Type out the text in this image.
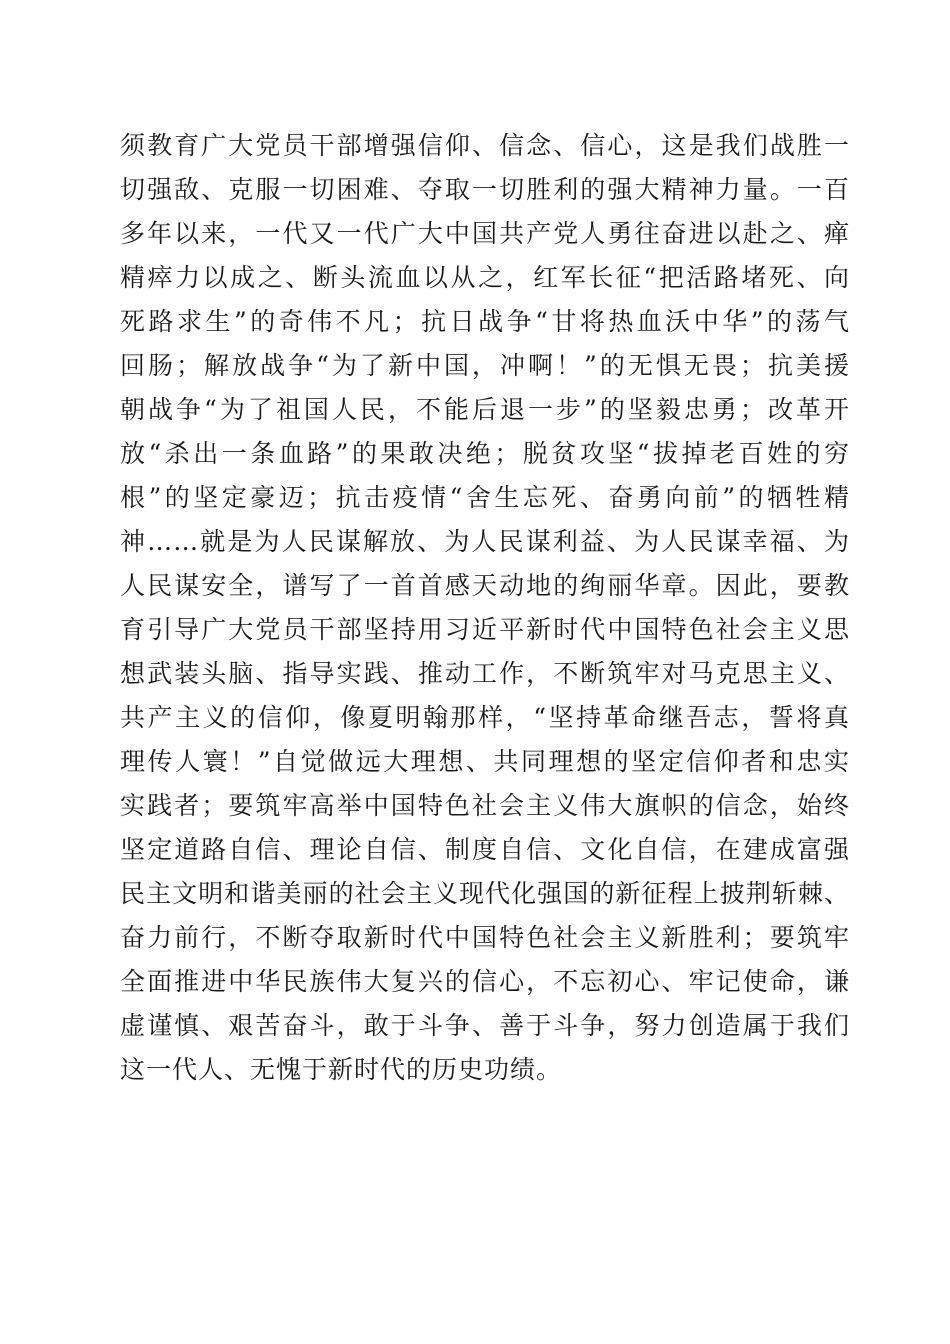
须教育广大党员干部增强信仰、信念、信心，这是我们战胜一
切强敌、克服一切困难、夺取一切胜利的强大精神力量。一百
多年以来，一代又一代广大中国共产党人勇往奋进以赴之、瘅
精瘁力以成之、断头流血以从之，红军长征“把活路堵死、向
死路求生”的奇伟不凡；抗日战争“甘将热血沃中华”的荡气
回肠；解放战争“为了新中国，冲啊！”的无惧无畏；抗美援
朝战争“为了祖国人民，不能后退一步”的坚毅忠勇；改革开
放“杀出一条血路”的果敢决绝；脱贫攻坚“拔掉老百姓的穷
根”的坚定豪迈；抗击疫情“舍生忘死、奋勇向前”的牺牲精
神……就是为人民谋解放、为人民谋利益、为人民谋幸福、为
人民谋安全，谱写了一首首感天动地的绚丽华章。因此，要教
育引导广大党员干部坚持用习近平新时代中国特色社会主义思
想武装头脑、指导实践、推动工作，不断筑牢对马克思主义、
共产主义的信仰，像夏明翰那样，“坚持革命继吾志，誓将真
理传人寰！”自觉做远大理想、共同理想的坚定信仰者和忠实
实践者；要筑牢高举中国特色社会主义伟大旗帜的信念，始终
坚定道路自信、理论自信、制度自信、文化自信，在建成富强
民主文明和谐美丽的社会主义现代化强国的新征程上披荆斩棘、
奋力前行，不断夺取新时代中国特色社会主义新胜利；要筑牢
全面推进中华民族伟大复兴的信心，不忘初心、牢记使命，谦
虚谨慎、艰苦奋斗，敢于斗争、善于斗争，努力创造属于我们
这一代人、无愧于新时代的历史功绩。
